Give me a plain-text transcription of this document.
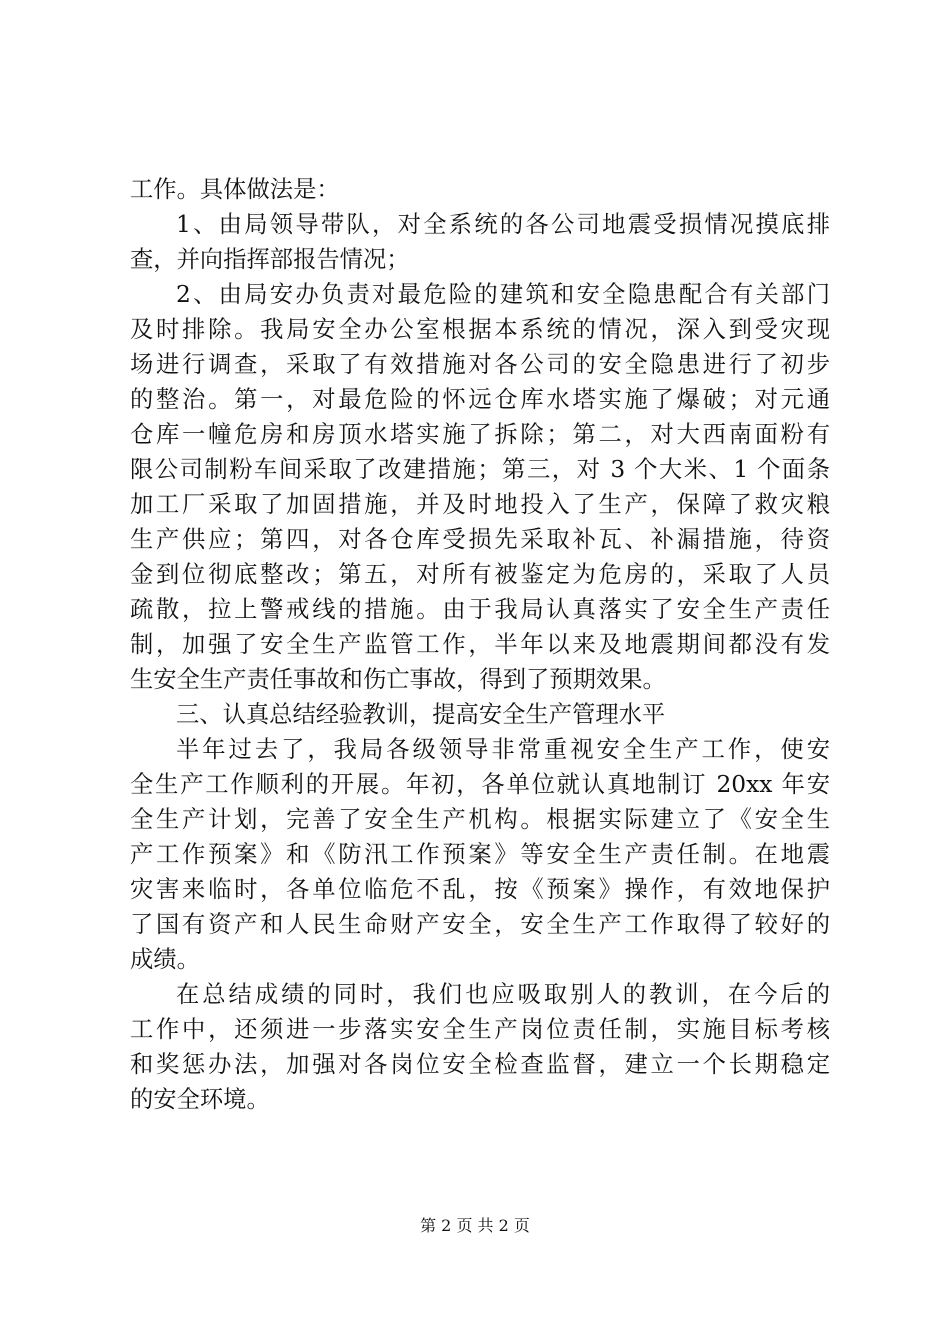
工作。具体做法是：
1、由局领导带队，对全系统的各公司地震受损情况摸底排
查，并向指挥部报告情况；
2、由局安办负责对最危险的建筑和安全隐患配合有关部门
及时排除。我局安全办公室根据本系统的情况，深入到受灾现
场进行调查，采取了有效措施对各公司的安全隐患进行了初步
的整治。第一，对最危险的怀远仓库水塔实施了爆破；对元通
仓库一幢危房和房顶水塔实施了拆除；第二，对大西南面粉有
限公司制粉车间采取了改建措施；第三，对 3 个大米、1 个面条
加工厂采取了加固措施，并及时地投入了生产，保障了救灾粮
生产供应；第四，对各仓库受损先采取补瓦、补漏措施，待资
金到位彻底整改；第五，对所有被鉴定为危房的，采取了人员
疏散，拉上警戒线的措施。由于我局认真落实了安全生产责任
制，加强了安全生产监管工作，半年以来及地震期间都没有发
生安全生产责任事故和伤亡事故，得到了预期效果。
三、认真总结经验教训，提高安全生产管理水平
半年过去了，我局各级领导非常重视安全生产工作，使安
全生产工作顺利的开展。年初，各单位就认真地制订 20xx 年安
全生产计划，完善了安全生产机构。根据实际建立了《安全生
产工作预案》和《防汛工作预案》等安全生产责任制。在地震
灾害来临时，各单位临危不乱，按《预案》操作，有效地保护
了国有资产和人民生命财产安全，安全生产工作取得了较好的
成绩。
在总结成绩的同时，我们也应吸取别人的教训，在今后的
工作中，还须进一步落实安全生产岗位责任制，实施目标考核
和奖惩办法，加强对各岗位安全检查监督，建立一个长期稳定
的安全环境。
第 2 页 共 2 页
